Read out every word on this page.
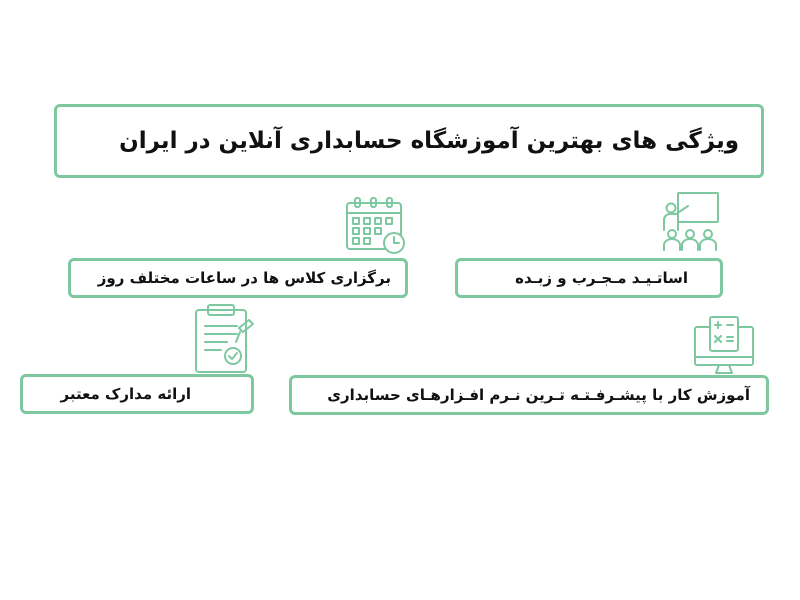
ویژگی های بهترین آموزشگاه حسابداری آنلاین در ایران
اساتـیـد مـجـرب و زبـده
برگزاری کلاس ها در ساعات مختلف روز
آموزش کار با پیشـرفـتـه تـرین نـرم افـزارهـای حسابداری
ارائه مدارک معتبر
